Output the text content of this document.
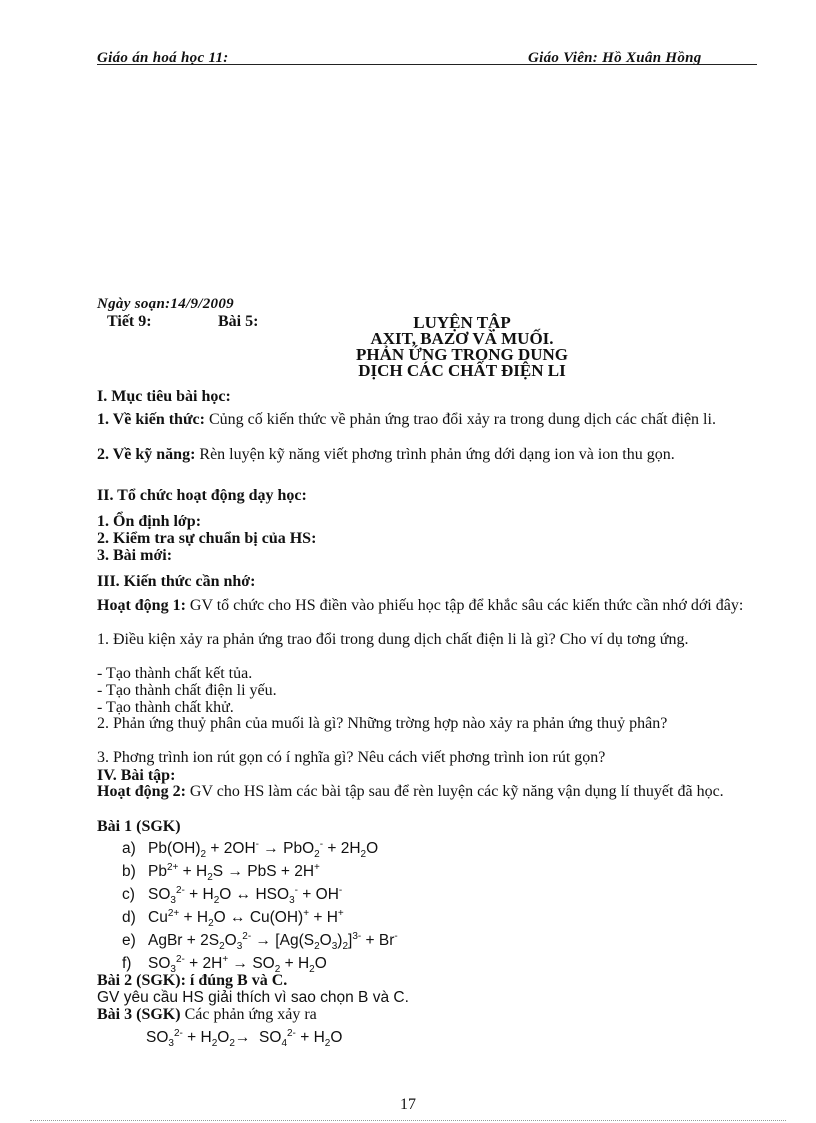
Giáo án hoá học 11:	Giáo Viên: Hồ Xuân Hồng
Ngày soạn:14/9/2009
Tiết 9:	Bài 5:	LUYỆN TẬP
AXIT, BAZƠ VÀ MUỐI.
PHẢN ỨNG TRONG DUNG
DỊCH CÁC CHẤT ĐIỆN LI
I. Mục tiêu bài học:
1. Về kiến thức: Củng cố kiến thức về phản ứng trao đổi xảy ra trong dung dịch các chất điện li.
2. Về kỹ năng: Rèn luyện kỹ năng viết phơng trình phản ứng dới dạng ion và ion thu gọn.
II. Tổ chức hoạt động dạy học:
1. Ổn định lớp:
2. Kiểm tra sự chuẩn bị của HS:
3. Bài mới:
III. Kiến thức cần nhớ:
Hoạt động 1: GV tổ chức cho HS điền vào phiếu học tập để khắc sâu các kiến thức cần nhớ dới đây:
1. Điều kiện xảy ra phản ứng trao đổi trong dung dịch chất điện li là gì? Cho ví dụ tơng ứng.
- Tạo thành chất kết tủa.
- Tạo thành chất điện li yếu.
- Tạo thành chất khử.
2. Phản ứng thuỷ phân của muối là gì? Những trờng hợp nào xảy ra phản ứng thuỷ phân?
3. Phơng trình ion rút gọn có í nghĩa gì? Nêu cách viết phơng trình ion rút gọn?
IV. Bài tập:
Hoạt động 2: GV cho HS làm các bài tập sau để rèn luyện các kỹ năng vận dụng lí thuyết đã học.
Bài 1 (SGK)
a) $Pb(OH)_2 + 2OH^- \to PbO_2^- + 2H_2O$
b) $Pb^{2+} + H_2S$ → PbS + 2H+
c) $SO_3^{2-} + H_2O$ ↔ $HSO_3^- + OH^-$
d) $Cu^{2+} + H_2O$ ↔ Cu(OH)+ + H+
e) AgBr + $2S_2O_3^{2-} \to [Ag(S_2O_3)_2]^{3-} + Br^-$
f) $SO_3^{2-} + 2H^+ \to SO_2 + H_2O$
Bài 2 (SGK): í đúng B và C.
GV yêu cầu HS giải thích vì sao chọn B và C.
Bài 3 (SGK) Các phản ứng xảy ra
$SO_3^{2-} + H_2O_2\to SO_4^{2-} + H_2O$
17
